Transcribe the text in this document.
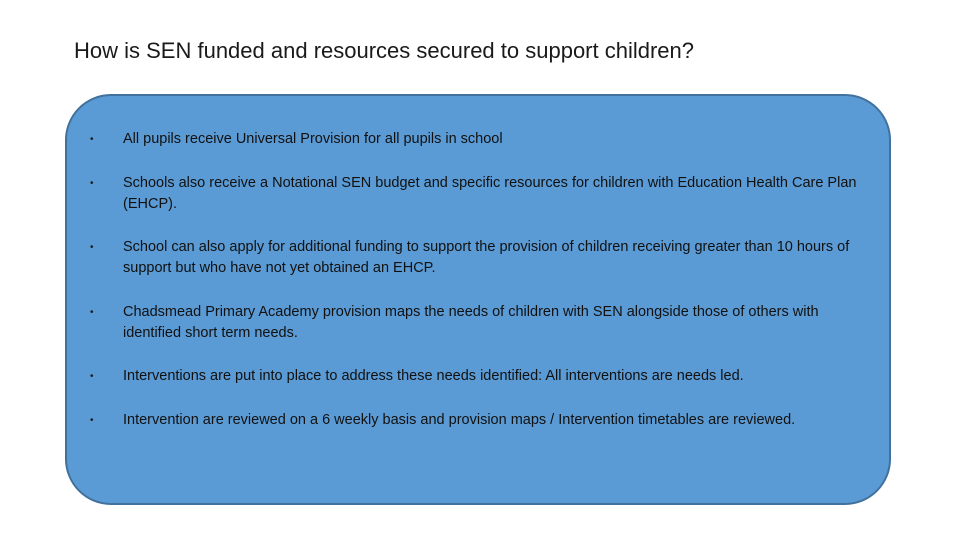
How is SEN funded and resources secured to support children?
•	All pupils receive Universal Provision for all pupils in school
•	Schools also receive a Notational SEN budget and specific resources for children with Education Health Care Plan (EHCP).
•	School can also apply for additional funding to support the provision of children receiving greater than 10 hours of support but who have not yet obtained an EHCP.
•	Chadsmead Primary Academy provision maps the needs of children with SEN alongside those of others with identified short term needs.
•	Interventions are put into place to address these needs identified: All interventions are needs led.
•	Intervention are reviewed on a 6 weekly basis and provision maps / Intervention timetables are reviewed.
